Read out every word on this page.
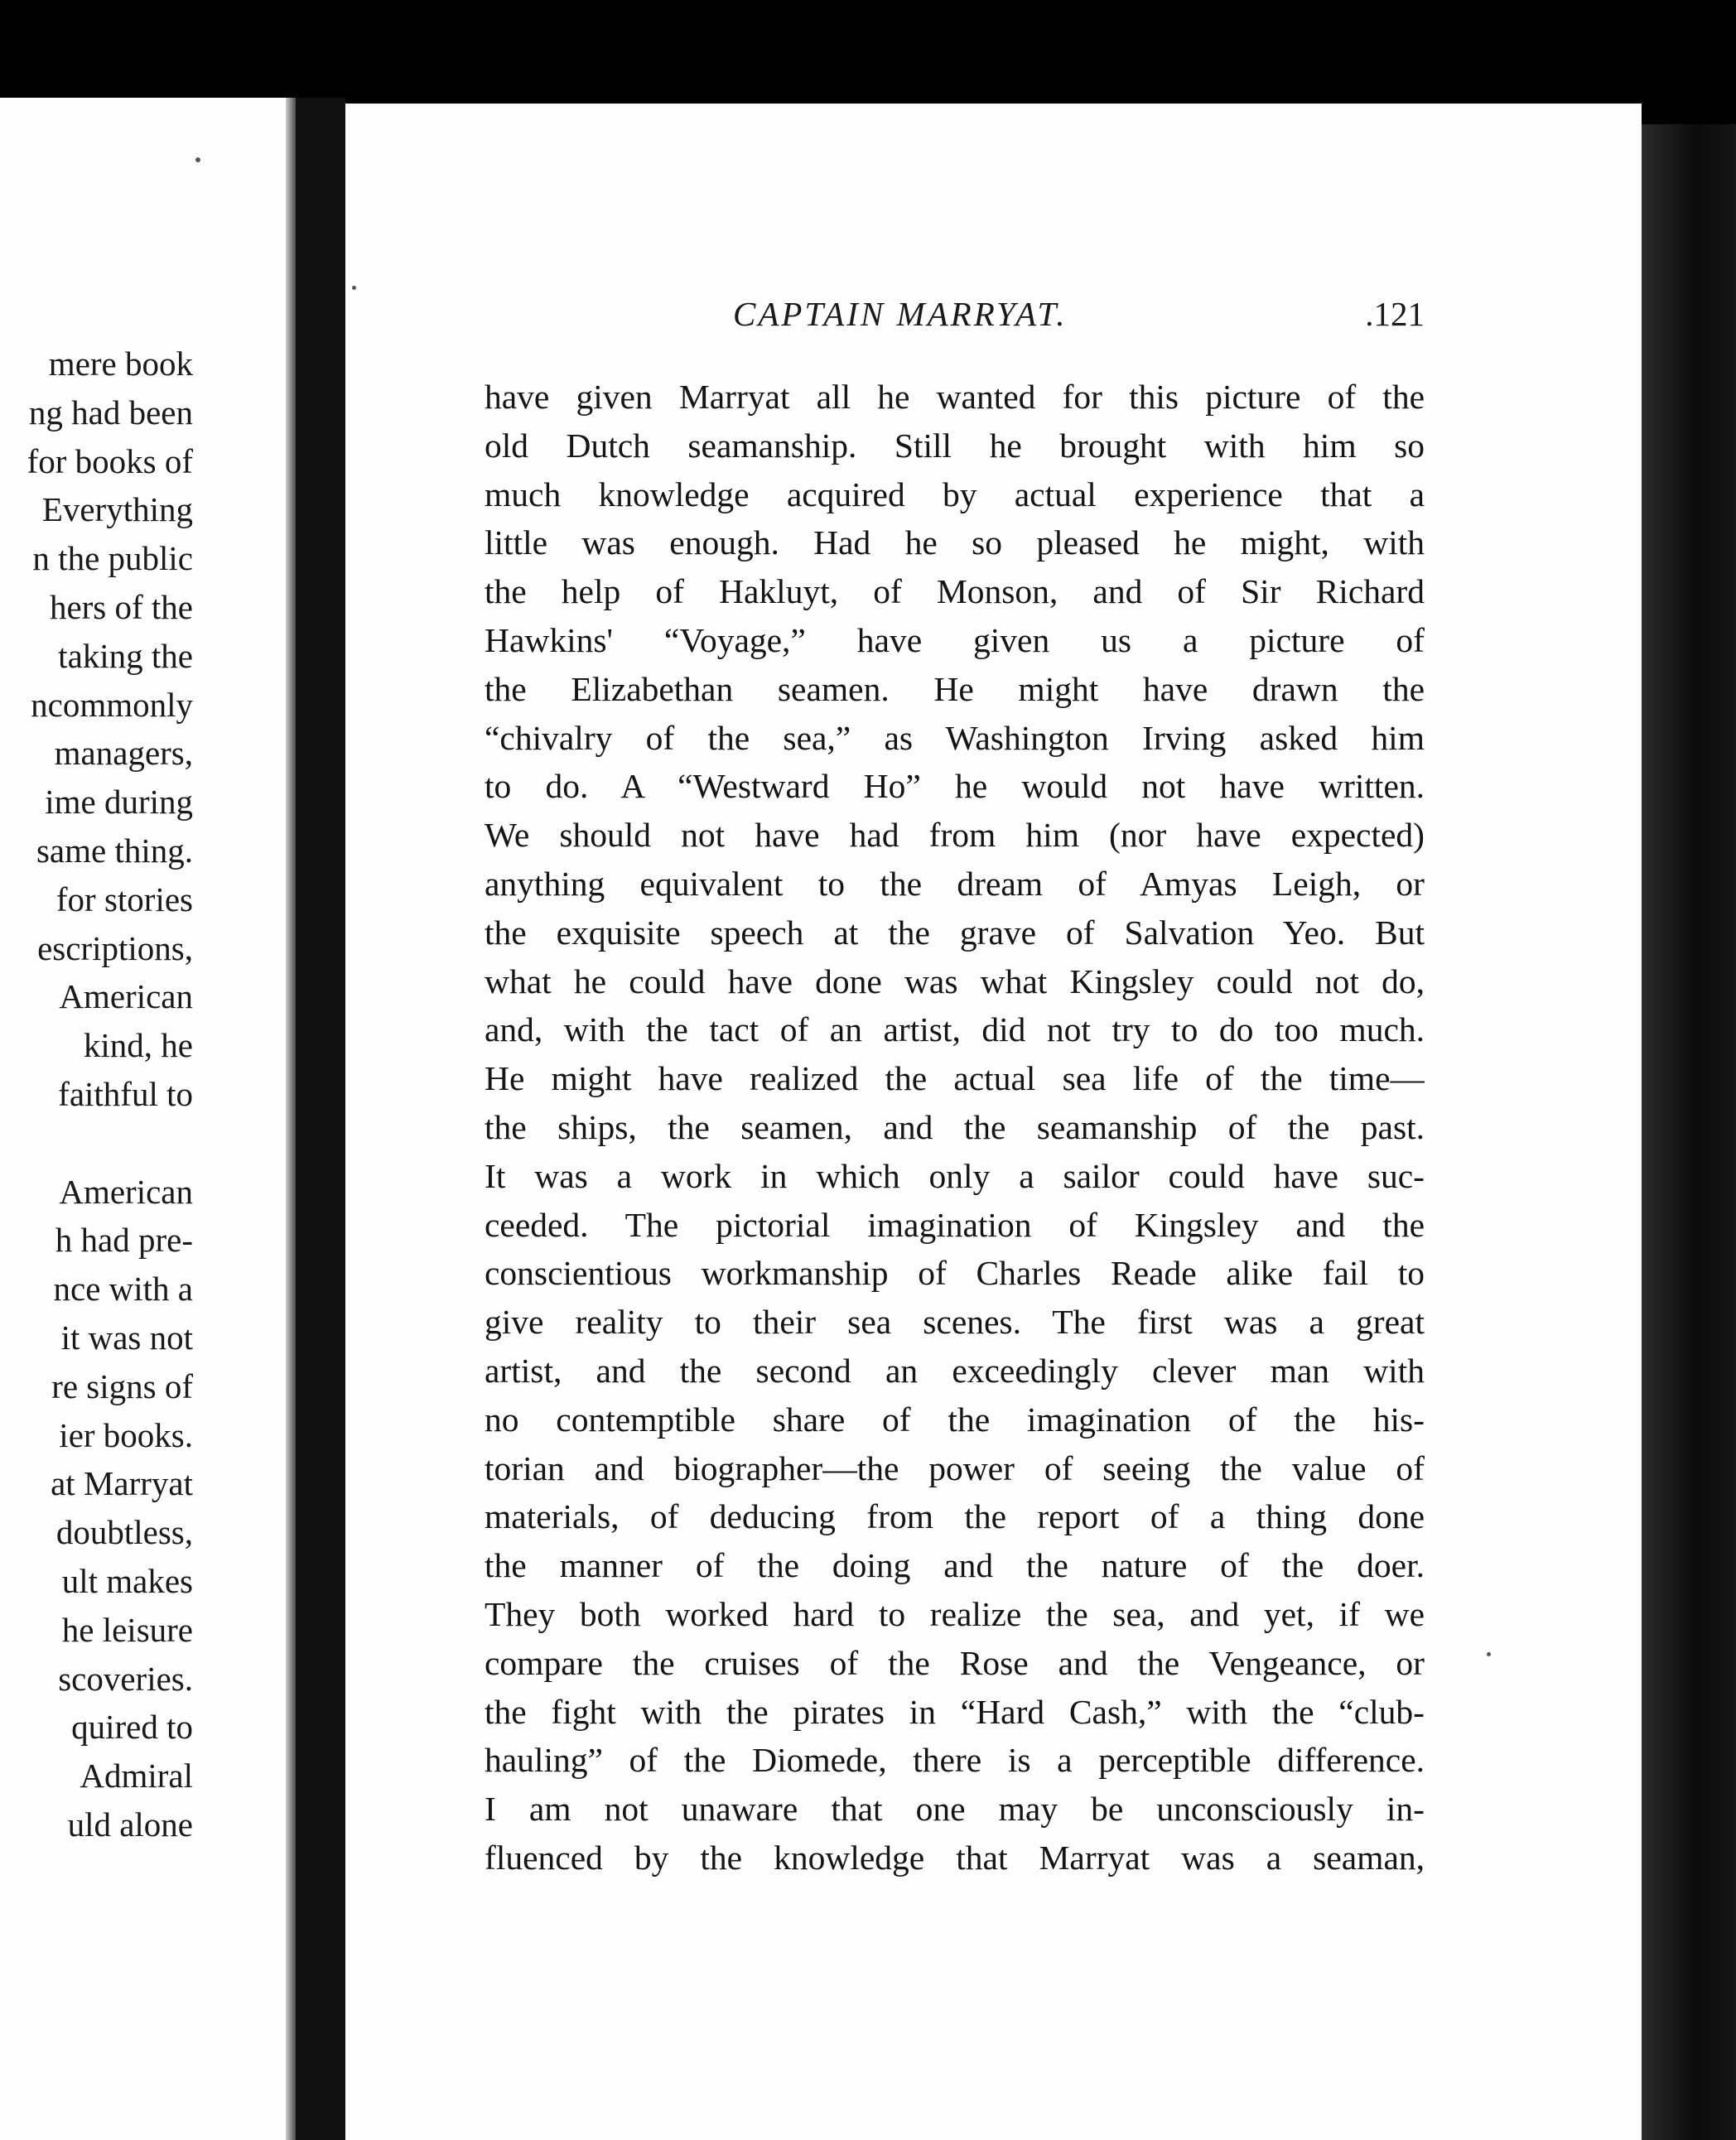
mere book
ng had been
for books of
Everything
n the public
hers of the
taking the
ncommonly
managers,
ime during
same thing.
for stories
escriptions,
American
kind, he
faithful to
American
h had pre-
nce with a
it was not
re signs of
ier books.
at Marryat
doubtless,
ult makes
he leisure
scoveries.
quired to
Admiral
uld alone
CAPTAIN MARRYAT.	.121
have given Marryat all he wanted for this picture of the
old Dutch seamanship. Still he brought with him so
much knowledge acquired by actual experience that a
little was enough. Had he so pleased he might, with
the help of Hakluyt, of Monson, and of Sir Richard
Hawkins' “Voyage,” have given us a picture of
the Elizabethan seamen. He might have drawn the
“chivalry of the sea,” as Washington Irving asked him
to do. A “Westward Ho” he would not have written.
We should not have had from him (nor have expected)
anything equivalent to the dream of Amyas Leigh, or
the exquisite speech at the grave of Salvation Yeo. But
what he could have done was what Kingsley could not do,
and, with the tact of an artist, did not try to do too much.
He might have realized the actual sea life of the time—
the ships, the seamen, and the seamanship of the past.
It was a work in which only a sailor could have suc-
ceeded. The pictorial imagination of Kingsley and the
conscientious workmanship of Charles Reade alike fail to
give reality to their sea scenes. The first was a great
artist, and the second an exceedingly clever man with
no contemptible share of the imagination of the his-
torian and biographer—the power of seeing the value of
materials, of deducing from the report of a thing done
the manner of the doing and the nature of the doer.
They both worked hard to realize the sea, and yet, if we
compare the cruises of the Rose and the Vengeance, or
the fight with the pirates in “Hard Cash,” with the “club-
hauling” of the Diomede, there is a perceptible difference.
I am not unaware that one may be unconsciously in-
fluenced by the knowledge that Marryat was a seaman,
